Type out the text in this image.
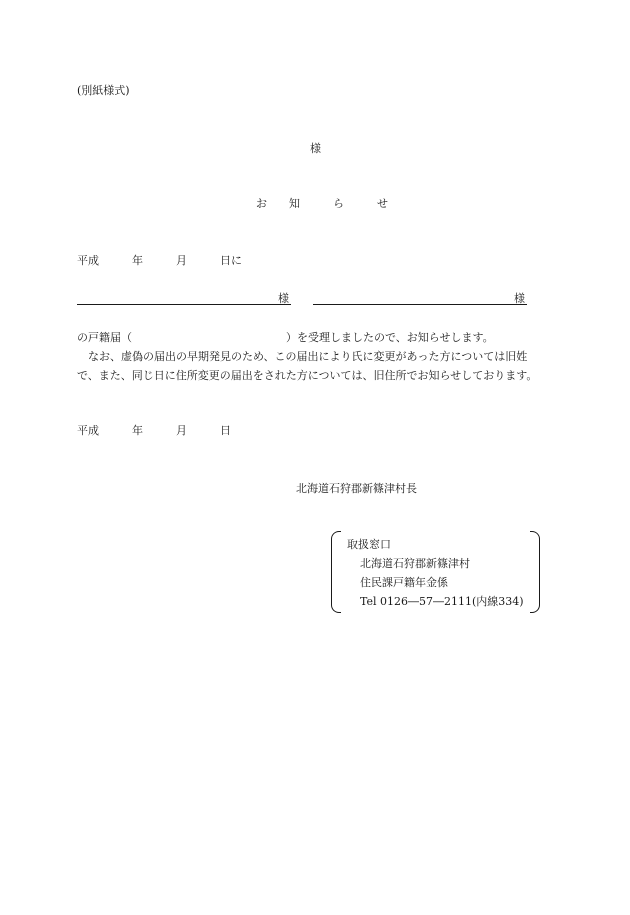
(別紙様式)
様
お　　知　　　ら　　　せ
平成　　　年　　　月　　　日に
様	様
の戸籍届（　　　　　　　　　　　　　　）を受理しましたので、お知らせします。
　なお、虚偽の届出の早期発見のため、この届出により氏に変更があった方については旧姓
で、また、同じ日に住所変更の届出をされた方については、旧住所でお知らせしております。
平成　　　年　　　月　　　日
北海道石狩郡新篠津村長
取扱窓口
北海道石狩郡新篠津村
住民課戸籍年金係
Tel 0126―57―2111(内線334)
